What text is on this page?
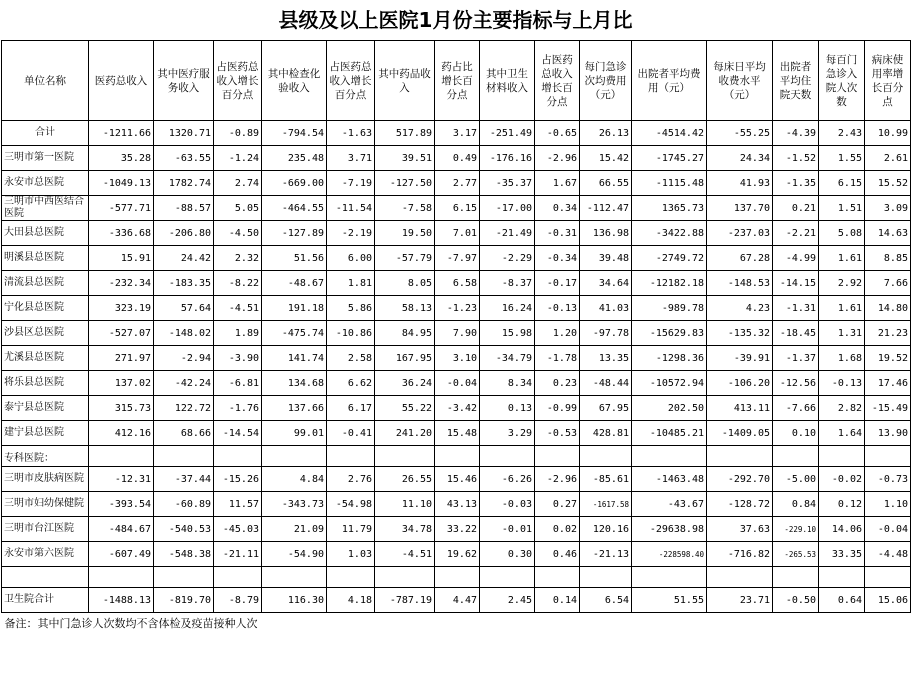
县级及以上医院1月份主要指标与上月比
单位名称	医药总收入	其中医疗服务收入	占医药总收入增长百分点	其中检查化验收入	占医药总收入增长百分点	其中药品收入	药占比增长百分点	其中卫生材料收入	占医药总收入增长百分点	每门急诊次均费用（元）	出院者平均费用（元）	每床日平均收费水平（元）	出院者平均住院天数	每百门急诊入院人次数	病床使用率增长百分点
合计	-1211.66	1320.71	-0.89	-794.54	-1.63	517.89	3.17	-251.49	-0.65	26.13	-4514.42	-55.25	-4.39	2.43	10.99
三明市第一医院	35.28	-63.55	-1.24	235.48	3.71	39.51	0.49	-176.16	-2.96	15.42	-1745.27	24.34	-1.52	1.55	2.61
永安市总医院	-1049.13	1782.74	2.74	-669.00	-7.19	-127.50	2.77	-35.37	1.67	66.55	-1115.48	41.93	-1.35	6.15	15.52
三明市中西医结合医院	-577.71	-88.57	5.05	-464.55	-11.54	-7.58	6.15	-17.00	0.34	-112.47	1365.73	137.70	0.21	1.51	3.09
大田县总医院	-336.68	-206.80	-4.50	-127.89	-2.19	19.50	7.01	-21.49	-0.31	136.98	-3422.88	-237.03	-2.21	5.08	14.63
明溪县总医院	15.91	24.42	2.32	51.56	6.00	-57.79	-7.97	-2.29	-0.34	39.48	-2749.72	67.28	-4.99	1.61	8.85
清流县总医院	-232.34	-183.35	-8.22	-48.67	1.81	8.05	6.58	-8.37	-0.17	34.64	-12182.18	-148.53	-14.15	2.92	7.66
宁化县总医院	323.19	57.64	-4.51	191.18	5.86	58.13	-1.23	16.24	-0.13	41.03	-989.78	4.23	-1.31	1.61	14.80
沙县区总医院	-527.07	-148.02	1.89	-475.74	-10.86	84.95	7.90	15.98	1.20	-97.78	-15629.83	-135.32	-18.45	1.31	21.23
尤溪县总医院	271.97	-2.94	-3.90	141.74	2.58	167.95	3.10	-34.79	-1.78	13.35	-1298.36	-39.91	-1.37	1.68	19.52
将乐县总医院	137.02	-42.24	-6.81	134.68	6.62	36.24	-0.04	8.34	0.23	-48.44	-10572.94	-106.20	-12.56	-0.13	17.46
泰宁县总医院	315.73	122.72	-1.76	137.66	6.17	55.22	-3.42	0.13	-0.99	67.95	202.50	413.11	-7.66	2.82	-15.49
建宁县总医院	412.16	68.66	-14.54	99.01	-0.41	241.20	15.48	3.29	-0.53	428.81	-10485.21	-1409.05	0.10	1.64	13.90
专科医院：															
三明市皮肤病医院	-12.31	-37.44	-15.26	4.84	2.76	26.55	15.46	-6.26	-2.96	-85.61	-1463.48	-292.70	-5.00	-0.02	-0.73
三明市妇幼保健院	-393.54	-60.89	11.57	-343.73	-54.98	11.10	43.13	-0.03	0.27	-1617.58	-43.67	-128.72	0.84	0.12	1.10
三明市台江医院	-484.67	-540.53	-45.03	21.09	11.79	34.78	33.22	-0.01	0.02	120.16	-29638.98	37.63	-229.10	14.06	-0.04
永安市第六医院	-607.49	-548.38	-21.11	-54.90	1.03	-4.51	19.62	0.30	0.46	-21.13	-228598.40	-716.82	-265.53	33.35	-4.48

卫生院合计	-1488.13	-819.70	-8.79	116.30	4.18	-787.19	4.47	2.45	0.14	6.54	51.55	23.71	-0.50	0.64	15.06
备注：其中门急诊人次数均不含体检及疫苗接种人次															
